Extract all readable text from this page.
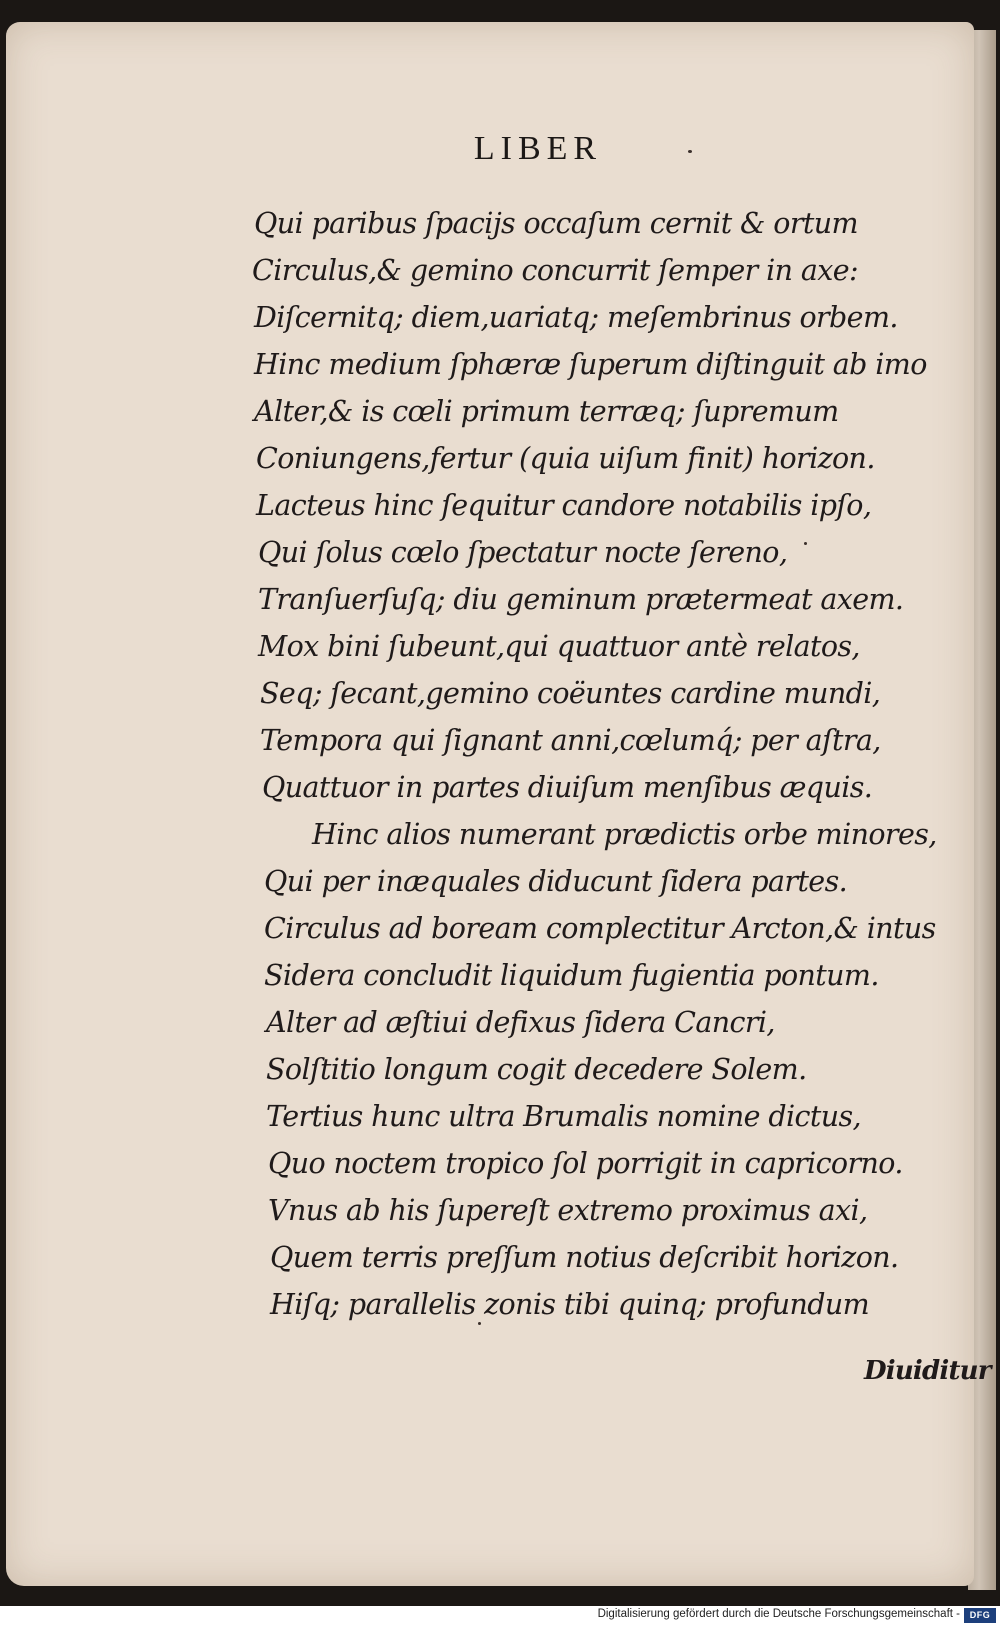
LIBER
Qui paribus ſpacijs occaſum cernit & ortum
Circulus,& gemino concurrit ſemper in axe:
Diſcernitq; diem,uariatq; meſembrinus orbem.
Hinc medium ſphæræ ſuperum diſtinguit ab imo
Alter,& is cœli primum terræq; ſupremum
Coniungens,fertur (quia uiſum finit) horizon.
Lacteus hinc ſequitur candore notabilis ipſo,
Qui ſolus cœlo ſpectatur nocte ſereno,
Tranſuerſuſq; diu geminum prætermeat axem.
Mox bini ſubeunt,qui quattuor antè relatos,
Seq; ſecant,gemino coëuntes cardine mundi,
Tempora qui ſignant anni,cœlumq́; per aſtra,
Quattuor in partes diuiſum menſibus æquis.
Hinc alios numerant prædictis orbe minores,
Qui per inæquales diducunt ſidera partes.
Circulus ad boream complectitur Arcton,& intus
Sidera concludit liquidum fugientia pontum.
Alter ad æſtiui defixus ſidera Cancri,
Solſtitio longum cogit decedere Solem.
Tertius hunc ultra Brumalis nomine dictus,
Quo noctem tropico ſol porrigit in capricorno.
Vnus ab his ſupereſt extremo proximus axi,
Quem terris preſſum notius deſcribit horizon.
Hiſq; parallelis zonis tibi quinq; profundum
Diuiditur
Digitalisierung gefördert durch die Deutsche Forschungsgemeinschaft -	DFG
